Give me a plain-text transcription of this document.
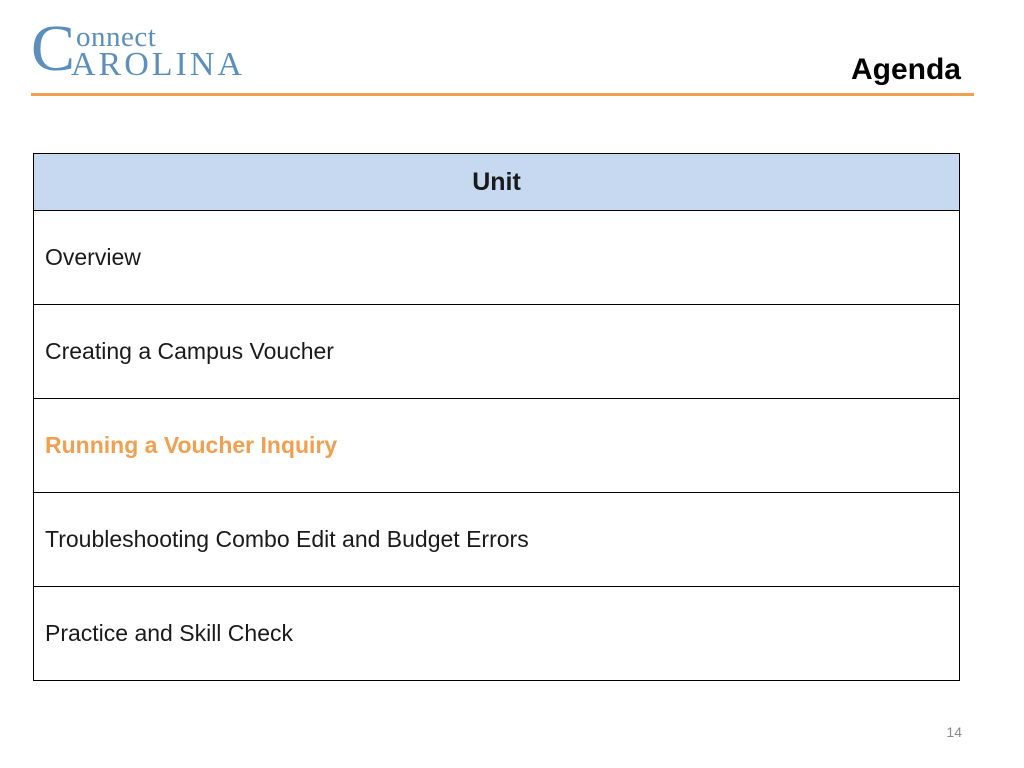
C onnect
AROLINA	Agenda
Unit
Overview
Creating a Campus Voucher
Running a Voucher Inquiry
Troubleshooting Combo Edit and Budget Errors
Practice and Skill Check
14
